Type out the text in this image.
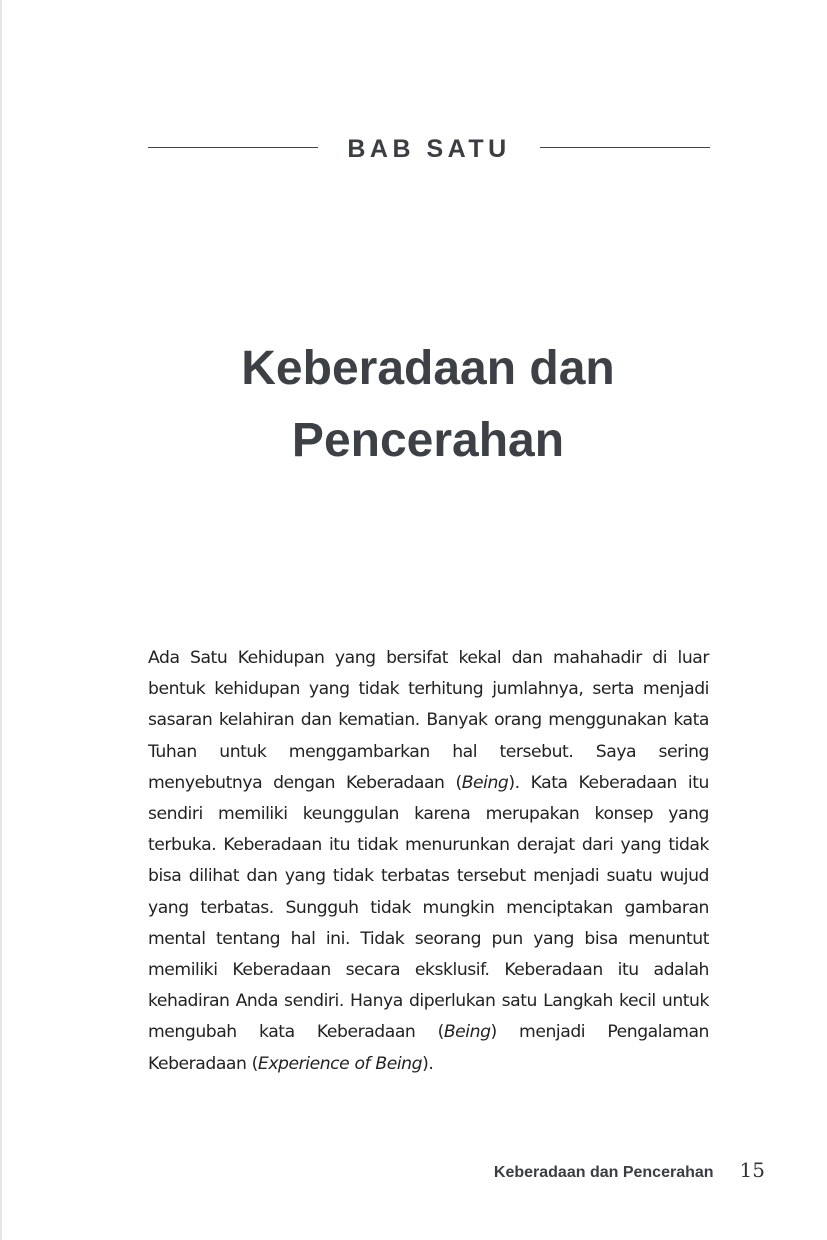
BAB SATU
Keberadaan dan
Pencerahan

Ada Satu Kehidupan yang bersifat kekal dan mahahadir di luar bentuk kehidupan yang tidak terhitung jumlahnya, serta menjadi sasaran kelahiran dan kematian. Banyak orang menggunakan kata Tuhan untuk menggambarkan hal tersebut. Saya sering menyebutnya dengan Keberadaan (Being). Kata Keberadaan itu sendiri memiliki keunggulan karena merupakan konsep yang terbuka. Keberadaan itu tidak menurunkan derajat dari yang tidak bisa dilihat dan yang tidak terbatas tersebut menjadi suatu wujud yang terbatas. Sungguh tidak mungkin menciptakan gambaran mental tentang hal ini. Tidak seorang pun yang bisa menuntut memiliki Keberadaan secara eksklusif. Keberadaan itu adalah kehadiran Anda sendiri. Hanya diperlukan satu Langkah kecil untuk mengubah kata Keberadaan (Being) menjadi Pengalaman Keberadaan (Experience of Being).

Keberadaan dan Pencerahan 15
